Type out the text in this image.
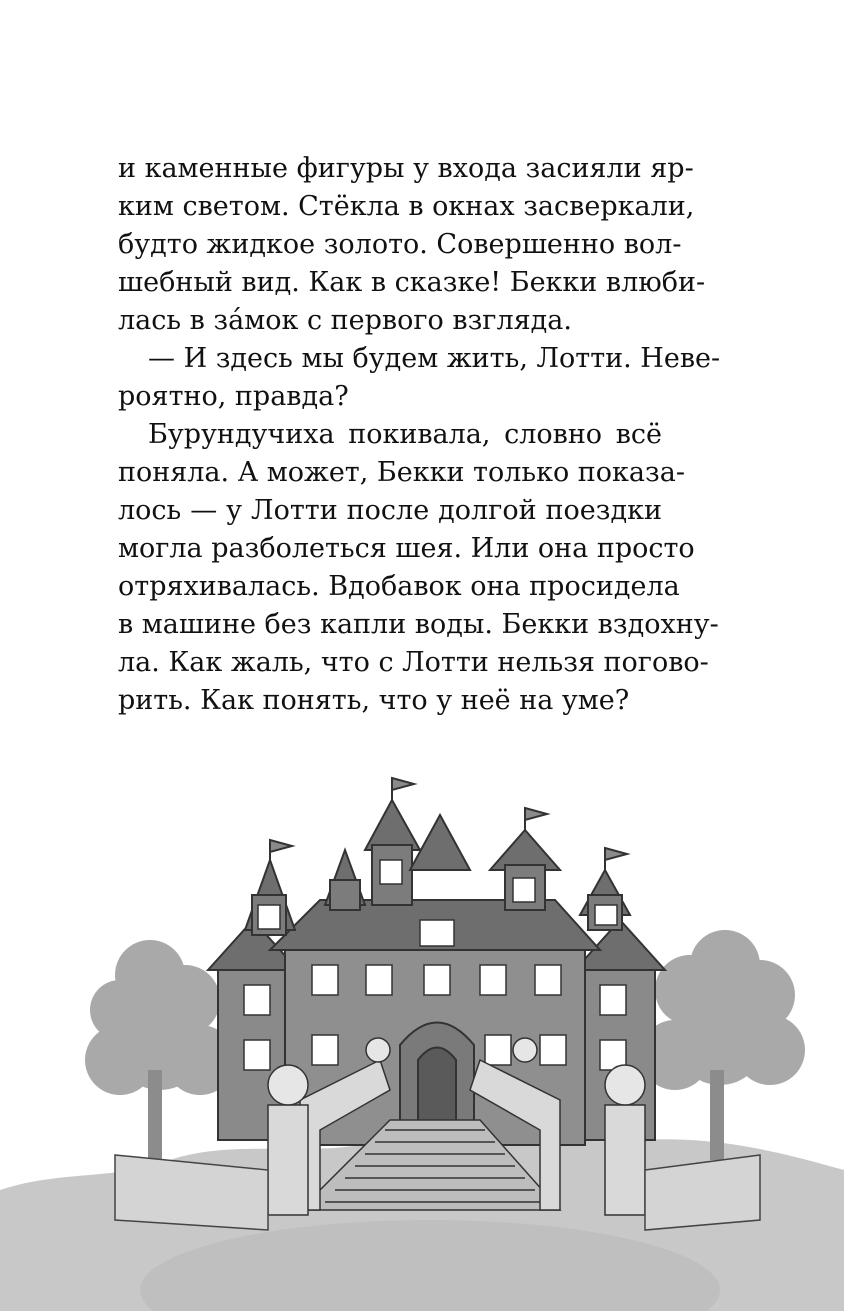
и каменные фигуры у входа засияли яр-
ким светом. Стёкла в окнах засверкали,
будто жидкое золото. Совершенно вол-
шебный вид. Как в сказке! Бекки влюби-
лась в за́мок с первого взгляда.
— И здесь мы будем жить, Лотти. Неве-
роятно, правда?
Бурундучиха покивала, словно всё
поняла. А может, Бекки только показа-
лось — у Лотти после долгой поездки
могла разболеться шея. Или она просто
отряхивалась. Вдобавок она просидела
в машине без капли воды. Бекки вздохну-
ла. Как жаль, что с Лотти нельзя погово-
рить. Как понять, что у неё на уме?
